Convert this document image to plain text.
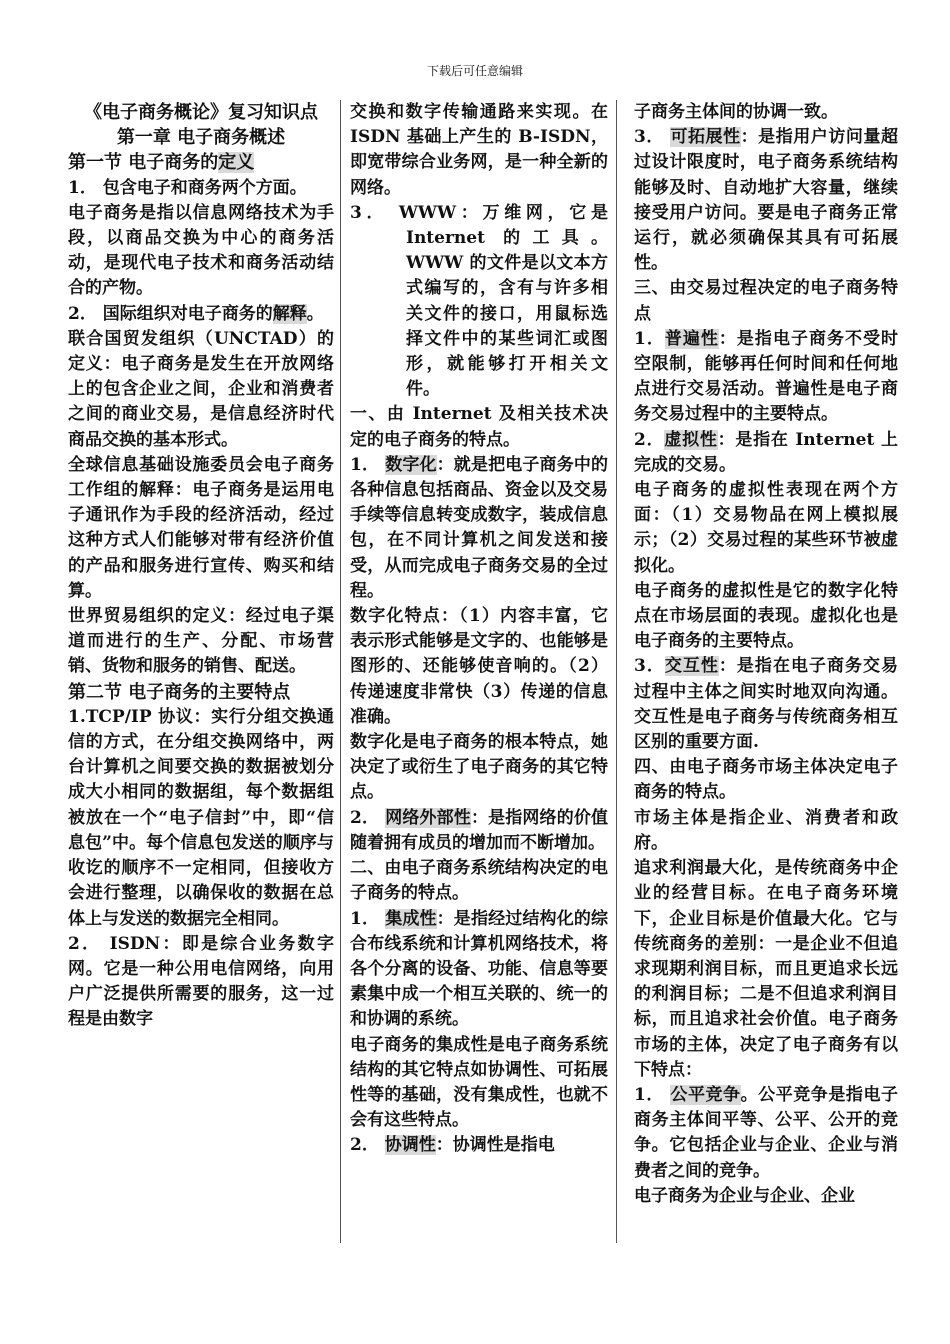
下载后可任意编辑

《电子商务概论》复习知识点

第一章 电子商务概述

第一节 电子商务的定义

1． 包含电子和商务两个方面。

电子商务是指以信息网络技术为手段，以商品交换为中心的商务活动，是现代电子技术和商务活动结合的产物。

2． 国际组织对电子商务的解释。

联合国贸发组织（UNCTAD）的定义：电子商务是发生在开放网络上的包含企业之间，企业和消费者之间的商业交易，是信息经济时代商品交换的基本形式。

全球信息基础设施委员会电子商务工作组的解释：电子商务是运用电子通讯作为手段的经济活动，经过这种方式人们能够对带有经济价值的产品和服务进行宣传、购买和结算。

世界贸易组织的定义：经过电子渠道而进行的生产、分配、市场营销、货物和服务的销售、配送。

第二节 电子商务的主要特点

1.TCP/IP 协议：实行分组交换通信的方式，在分组交换网络中，两台计算机之间要交换的数据被划分成大小相同的数据组，每个数据组被放在一个“电子信封”中，即“信息包”中。每个信息包发送的顺序与收讫的顺序不一定相同，但接收方会进行整理，以确保收的数据在总体上与发送的数据完全相同。

2． ISDN：即是综合业务数字网。它是一种公用电信网络，向用户广泛提供所需要的服务，这一过程是由数字

交换和数字传输通路来实现。在 ISDN 基础上产生的 B-ISDN，即宽带综合业务网，是一种全新的网络。

3． WWW：万维网，它是Internet 的工具。WWW 的文件是以文本方式编写的，含有与许多相关文件的接口，用鼠标选择文件中的某些词汇或图形，就能够打开相关文件。

一、由 Internet 及相关技术决定的电子商务的特点。

1． 数字化：就是把电子商务中的各种信息包括商品、资金以及交易手续等信息转变成数字，装成信息包，在不同计算机之间发送和接受，从而完成电子商务交易的全过程。

数字化特点：（1）内容丰富，它表示形式能够是文字的、也能够是图形的、还能够使音响的。（2）传递速度非常快（3）传递的信息准确。

数字化是电子商务的根本特点，她决定了或衍生了电子商务的其它特点。

2． 网络外部性：是指网络的价值随着拥有成员的增加而不断增加。

二、由电子商务系统结构决定的电子商务的特点。

1． 集成性：是指经过结构化的综合布线系统和计算机网络技术，将各个分离的设备、功能、信息等要素集中成一个相互关联的、统一的和协调的系统。

电子商务的集成性是电子商务系统结构的其它特点如协调性、可拓展性等的基础，没有集成性，也就不会有这些特点。

2． 协调性：协调性是指电

子商务主体间的协调一致。

3． 可拓展性：是指用户访问量超过设计限度时，电子商务系统结构能够及时、自动地扩大容量，继续接受用户访问。要是电子商务正常运行，就必须确保其具有可拓展性。

三、由交易过程决定的电子商务特点

1．普遍性：是指电子商务不受时空限制，能够再任何时间和任何地点进行交易活动。普遍性是电子商务交易过程中的主要特点。

2．虚拟性：是指在 Internet 上完成的交易。

电子商务的虚拟性表现在两个方面：（1）交易物品在网上模拟展示；（2）交易过程的某些环节被虚拟化。

电子商务的虚拟性是它的数字化特点在市场层面的表现。虚拟化也是电子商务的主要特点。

3．交互性：是指在电子商务交易过程中主体之间实时地双向沟通。交互性是电子商务与传统商务相互区别的重要方面.

四、由电子商务市场主体决定电子商务的特点。

市场主体是指企业、消费者和政府。

追求利润最大化，是传统商务中企业的经营目标。在电子商务环境下，企业目标是价值最大化。它与传统商务的差别：一是企业不但追求现期利润目标，而且更追求长远的利润目标；二是不但追求利润目标，而且追求社会价值。电子商务市场的主体，决定了电子商务有以下特点：

1． 公平竞争。公平竞争是指电子商务主体间平等、公平、公开的竞争。它包括企业与企业、企业与消费者之间的竞争。

电子商务为企业与企业、企业
